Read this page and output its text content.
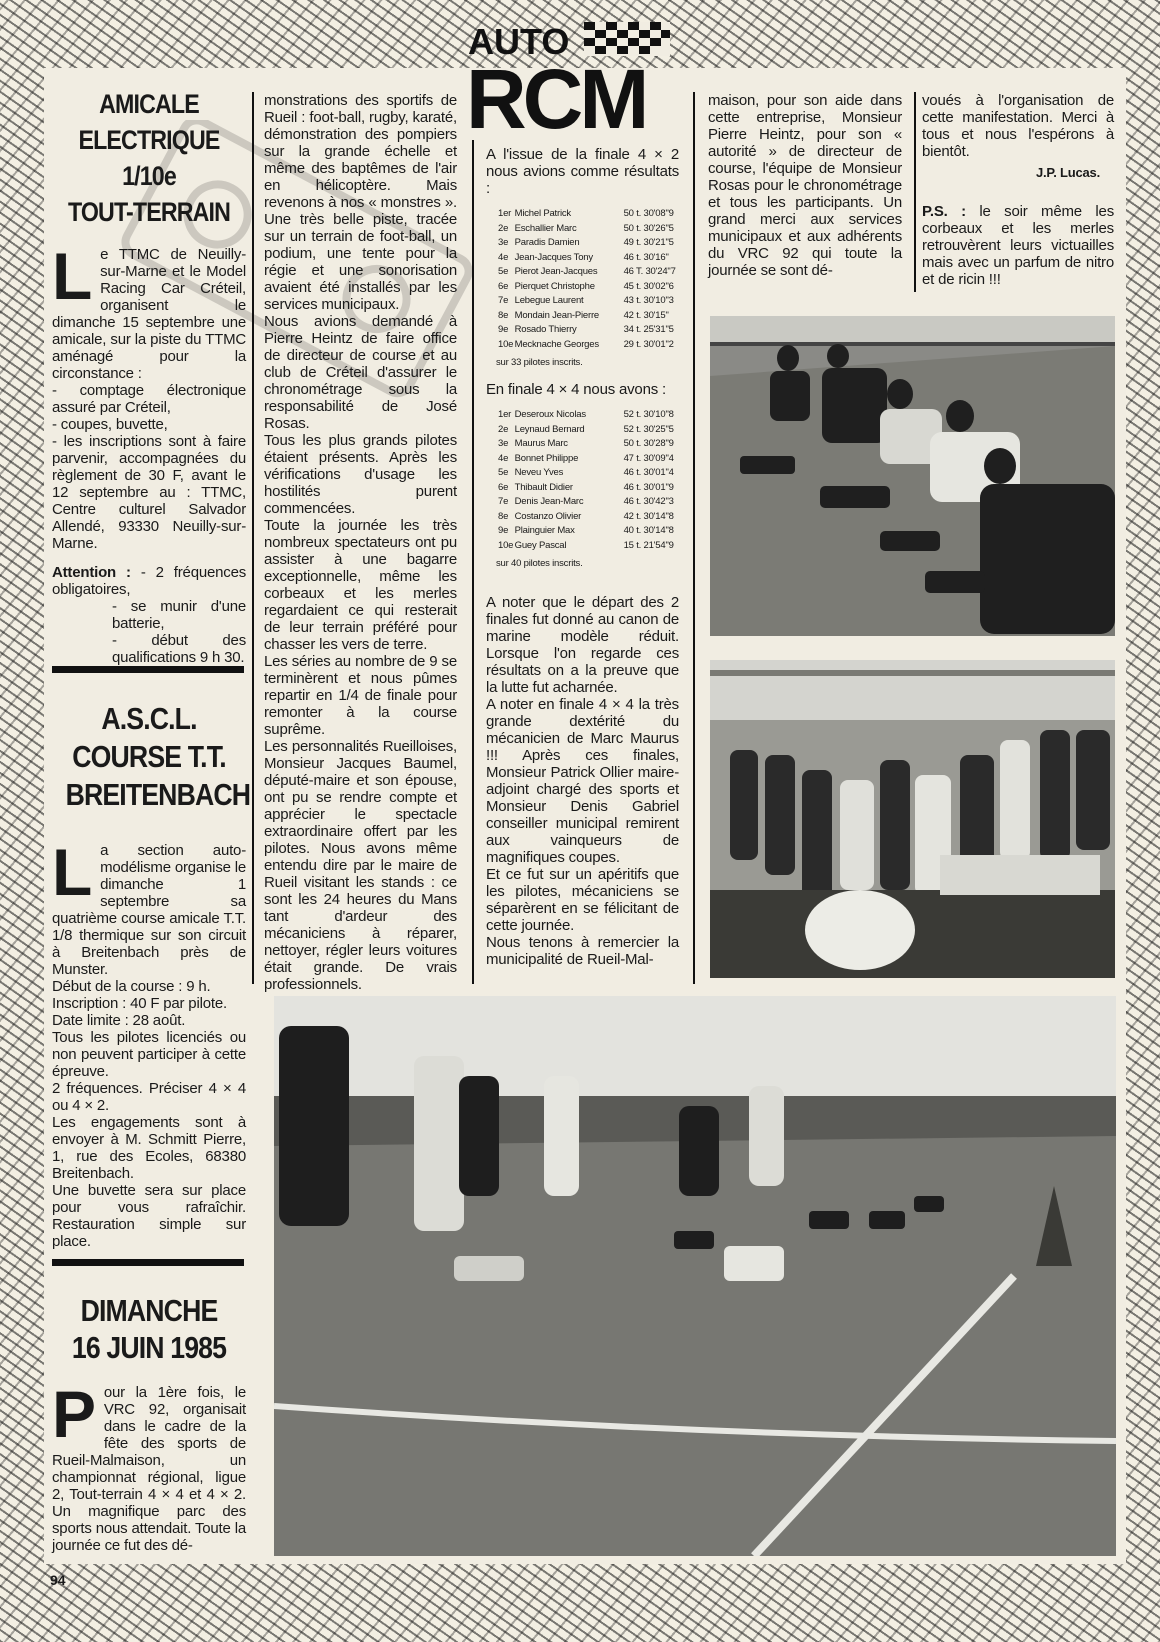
AUTO
RCM
AMICALE
ELECTRIQUE 1/10e
TOUT-TERRAIN
L e TTMC de Neuilly-sur-Marne et le Model Racing Car Créteil, organisent le dimanche 15 septembre une amicale, sur la piste du TTMC aménagé pour la circonstance :
- comptage électronique assuré par Créteil,
- coupes, buvette,
- les inscriptions sont à faire parvenir, accompagnées du règlement de 30 F, avant le 12 septembre au : TTMC, Centre culturel Salvador Allendé, 93330 Neuilly-sur-Marne.
Attention : - 2 fréquences obligatoires,
- se munir d'une batterie,
- début des qualifications 9 h 30.
A.S.C.L.
COURSE T.T.
BREITENBACH
L a section auto-modélisme organise le dimanche 1 septembre sa quatrième course amicale T.T. 1/8 thermique sur son circuit à Breitenbach près de Munster.
Début de la course : 9 h.
Inscription : 40 F par pilote.
Date limite : 28 août.
Tous les pilotes licenciés ou non peuvent participer à cette épreuve.
2 fréquences. Préciser 4 × 4 ou 4 × 2.
Les engagements sont à envoyer à M. Schmitt Pierre, 1, rue des Ecoles, 68380 Breitenbach.
Une buvette sera sur place pour vous rafraîchir. Restauration simple sur place.
DIMANCHE
16 JUIN 1985
P our la 1ère fois, le VRC 92, organisait dans le cadre de la fête des sports de Rueil-Malmaison, un championnat régional, ligue 2, Tout-terrain 4 × 4 et 4 × 2. Un magnifique parc des sports nous attendait. Toute la journée ce fut des dé-

monstrations des sportifs de Rueil : foot-ball, rugby, karaté, démonstration des pompiers sur la grande échelle et même des baptêmes de l'air en hélicoptère. Mais revenons à nos « monstres ». Une très belle piste, tracée sur un terrain de foot-ball, un podium, une tente pour la régie et une sonorisation avaient été installés par les services municipaux.

Nous avions demandé à Pierre Heintz de faire office de directeur de course et au club de Créteil d'assurer le chronométrage sous la responsabilité de José Rosas.

Tous les plus grands pilotes étaient présents. Après les vérifications d'usage les hostilités purent commencées.

Toute la journée les très nombreux spectateurs ont pu assister à une bagarre exceptionnelle, même les corbeaux et les merles regardaient ce qui resterait de leur terrain préféré pour chasser les vers de terre.

Les séries au nombre de 9 se terminèrent et nous pûmes repartir en 1/4 de finale pour remonter à la course suprême.

Les personnalités Rueilloises, Monsieur Jacques Baumel, député-maire et son épouse, ont pu se rendre compte et apprécier le spectacle extraordinaire offert par les pilotes. Nous avons même entendu dire par le maire de Rueil visitant les stands : ce sont les 24 heures du Mans tant d'ardeur des mécaniciens à réparer, nettoyer, régler leurs voitures était grande. De vrais professionnels.

A l'issue de la finale 4 × 2 nous avions comme résultats :

1er Michel Patrick	50 t. 30'08"9
2e Eschallier Marc	50 t. 30'26"5
3e Paradis Damien	49 t. 30'21"5
4e Jean-Jacques Tony	46 t. 30'16"
5e Pierot Jean-Jacques	46 T. 30'24"7
6e Pierquet Christophe	45 t. 30'02"6
7e Lebegue Laurent	43 t. 30'10"3
8e Mondain Jean-Pierre	42 t. 30'15"
9e Rosado Thierry	34 t. 25'31"5
10e Mecknache Georges	29 t. 30'01"2
sur 33 pilotes inscrits.

En finale 4 × 4 nous avons :

1er Deseroux Nicolas	52 t. 30'10"8
2e Leynaud Bernard	52 t. 30'25"5
3e Maurus Marc	50 t. 30'28"9
4e Bonnet Philippe	47 t. 30'09"4
5e Neveu Yves	46 t. 30'01"4
6e Thibault Didier	46 t. 30'01"9
7e Denis Jean-Marc	46 t. 30'42"3
8e Costanzo Olivier	42 t. 30'14"8
9e Plainguier Max	40 t. 30'14"8
10e Guey Pascal	15 t. 21'54"9
sur 40 pilotes inscrits.

A noter que le départ des 2 finales fut donné au canon de marine modèle réduit. Lorsque l'on regarde ces résultats on a la preuve que la lutte fut acharnée.

A noter en finale 4 × 4 la très grande dextérité du mécanicien de Marc Maurus !!! Après ces finales, Monsieur Patrick Ollier maire-adjoint chargé des sports et Monsieur Denis Gabriel conseiller municipal remirent aux vainqueurs de magnifiques coupes.

Et ce fut sur un apéritifs que les pilotes, mécaniciens se séparèrent en se félicitant de cette journée.

Nous tenons à remercier la municipalité de Rueil-Mal-

maison, pour son aide dans cette entreprise, Monsieur Pierre Heintz, pour son « autorité » de directeur de course, l'équipe de Monsieur Rosas pour le chronométrage et tous les participants. Un grand merci aux services municipaux et aux adhérents du VRC 92 qui toute la journée se sont dé-

voués à l'organisation de cette manifestation. Merci à tous et nous l'espérons à bientôt.

J.P. Lucas.

P.S. : le soir même les corbeaux et les merles retrouvèrent leurs victuailles mais avec un parfum de nitro et de ricin !!!

94
